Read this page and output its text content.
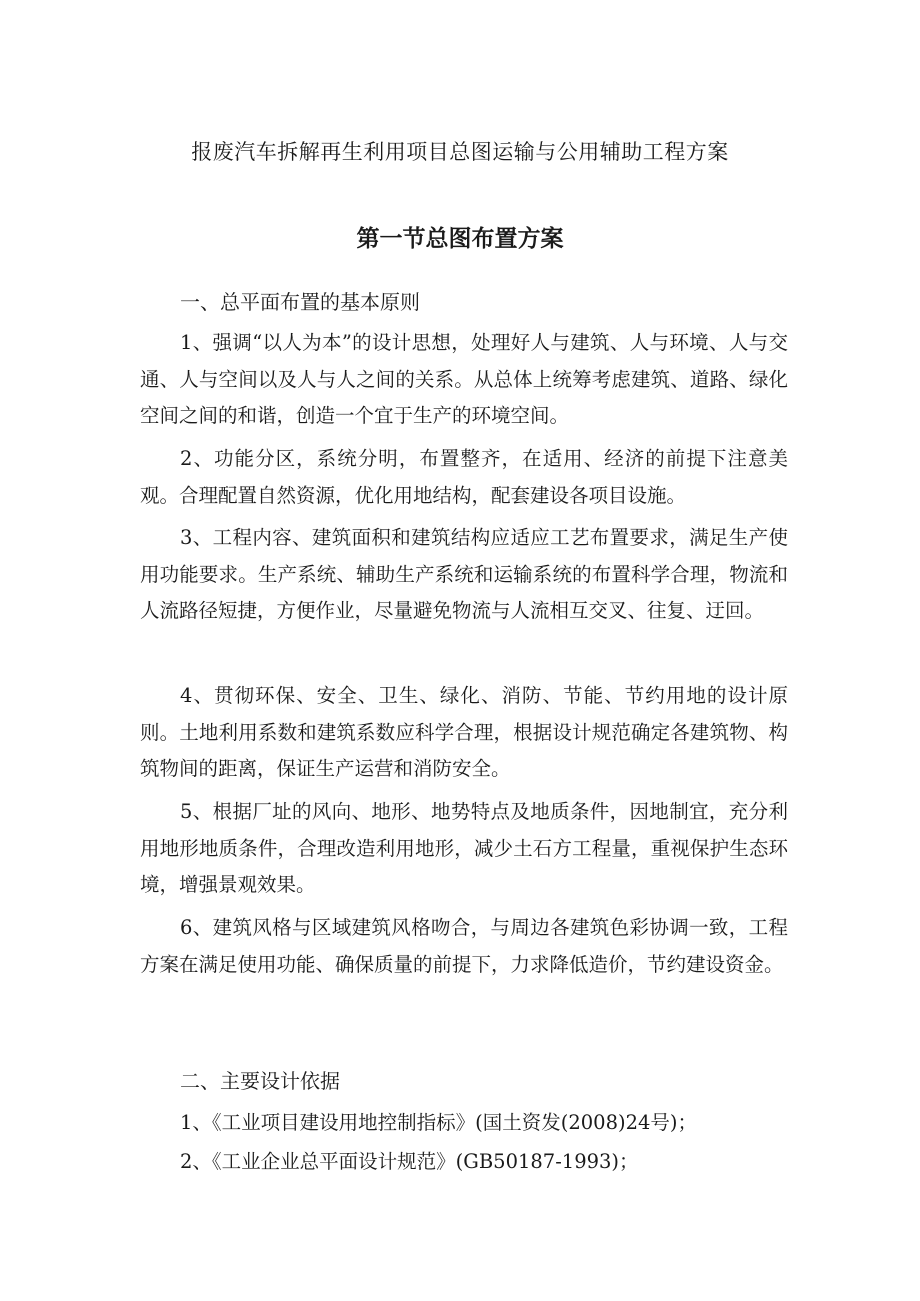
报废汽车拆解再生利用项目总图运输与公用辅助工程方案
第一节总图布置方案
一、总平面布置的基本原则

1、强调“以人为本”的设计思想，处理好人与建筑、人与环境、人与交通、人与空间以及人与人之间的关系。从总体上统筹考虑建筑、道路、绿化空间之间的和谐，创造一个宜于生产的环境空间。

2、功能分区，系统分明，布置整齐，在适用、经济的前提下注意美观。合理配置自然资源，优化用地结构，配套建设各项目设施。

3、工程内容、建筑面积和建筑结构应适应工艺布置要求，满足生产使用功能要求。生产系统、辅助生产系统和运输系统的布置科学合理，物流和人流路径短捷，方便作业，尽量避免物流与人流相互交叉、往复、迂回。

4、贯彻环保、安全、卫生、绿化、消防、节能、节约用地的设计原则。土地利用系数和建筑系数应科学合理，根据设计规范确定各建筑物、构筑物间的距离，保证生产运营和消防安全。

5、根据厂址的风向、地形、地势特点及地质条件，因地制宜，充分利用地形地质条件，合理改造利用地形，减少土石方工程量，重视保护生态环境，增强景观效果。

6、建筑风格与区域建筑风格吻合，与周边各建筑色彩协调一致，工程方案在满足使用功能、确保质量的前提下，力求降低造价，节约建设资金。

二、主要设计依据
1、《工业项目建设用地控制指标》(国土资发(2008)24号)；
2、《工业企业总平面设计规范》(GB50187-1993)；
